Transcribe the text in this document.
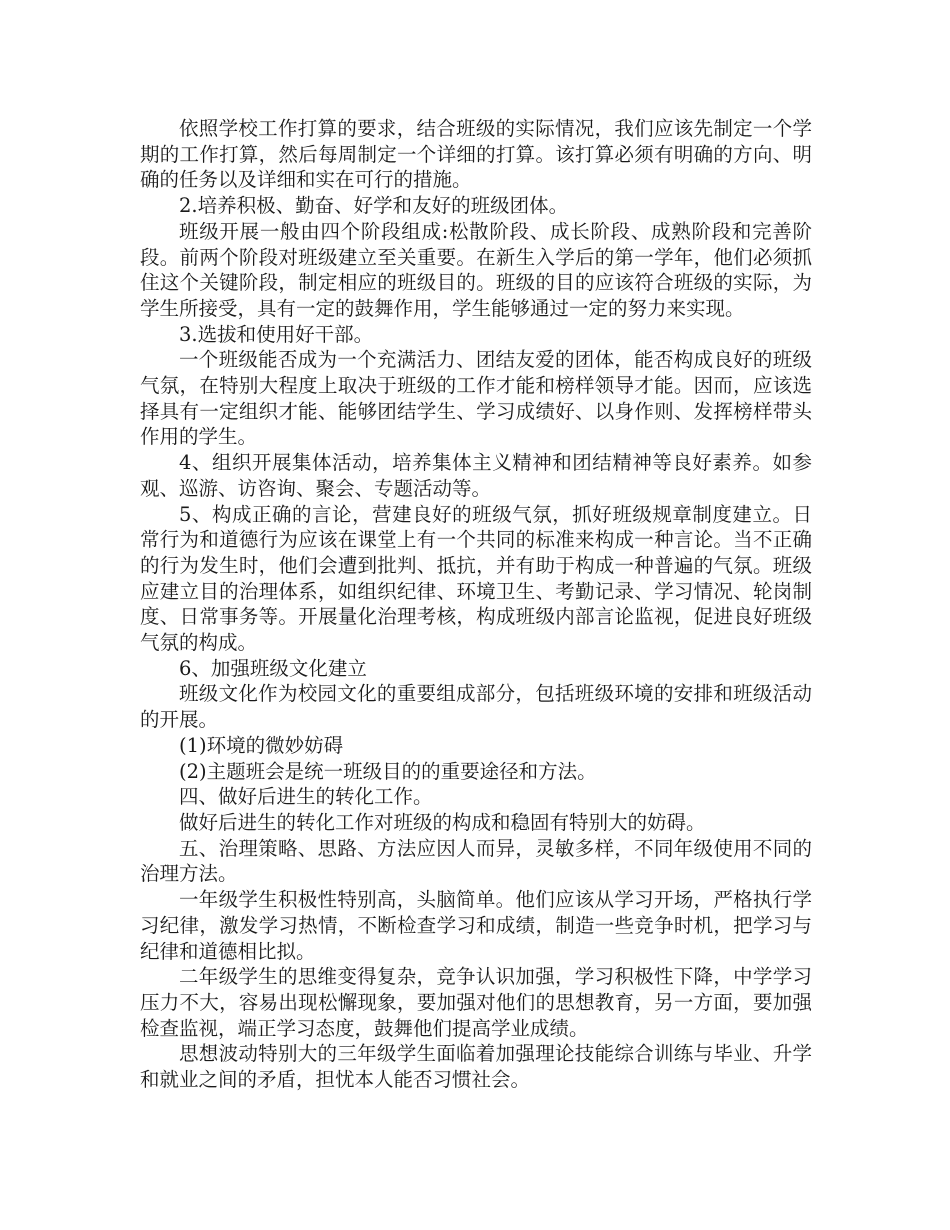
依照学校工作打算的要求，结合班级的实际情况，我们应该先制定一个学期的工作打算，然后每周制定一个详细的打算。该打算必须有明确的方向、明确的任务以及详细和实在可行的措施。

2.培养积极、勤奋、好学和友好的班级团体。

班级开展一般由四个阶段组成:松散阶段、成长阶段、成熟阶段和完善阶段。前两个阶段对班级建立至关重要。在新生入学后的第一学年，他们必须抓住这个关键阶段，制定相应的班级目的。班级的目的应该符合班级的实际，为学生所接受，具有一定的鼓舞作用，学生能够通过一定的努力来实现。

3.选拔和使用好干部。

一个班级能否成为一个充满活力、团结友爱的团体，能否构成良好的班级气氛，在特别大程度上取决于班级的工作才能和榜样领导才能。因而，应该选择具有一定组织才能、能够团结学生、学习成绩好、以身作则、发挥榜样带头作用的学生。

4、组织开展集体活动，培养集体主义精神和团结精神等良好素养。如参观、巡游、访咨询、聚会、专题活动等。

5、构成正确的言论，营建良好的班级气氛，抓好班级规章制度建立。日常行为和道德行为应该在课堂上有一个共同的标准来构成一种言论。当不正确的行为发生时，他们会遭到批判、抵抗，并有助于构成一种普遍的气氛。班级应建立目的治理体系，如组织纪律、环境卫生、考勤记录、学习情况、轮岗制度、日常事务等。开展量化治理考核，构成班级内部言论监视，促进良好班级气氛的构成。

6、加强班级文化建立

班级文化作为校园文化的重要组成部分，包括班级环境的安排和班级活动的开展。

(1)环境的微妙妨碍

(2)主题班会是统一班级目的的重要途径和方法。

四、做好后进生的转化工作。

做好后进生的转化工作对班级的构成和稳固有特别大的妨碍。

五、治理策略、思路、方法应因人而异，灵敏多样，不同年级使用不同的治理方法。

一年级学生积极性特别高，头脑简单。他们应该从学习开场，严格执行学习纪律，激发学习热情，不断检查学习和成绩，制造一些竞争时机，把学习与纪律和道德相比拟。

二年级学生的思维变得复杂，竞争认识加强，学习积极性下降，中学学习压力不大，容易出现松懈现象，要加强对他们的思想教育，另一方面，要加强检查监视，端正学习态度，鼓舞他们提高学业成绩。

思想波动特别大的三年级学生面临着加强理论技能综合训练与毕业、升学和就业之间的矛盾，担忧本人能否习惯社会。
